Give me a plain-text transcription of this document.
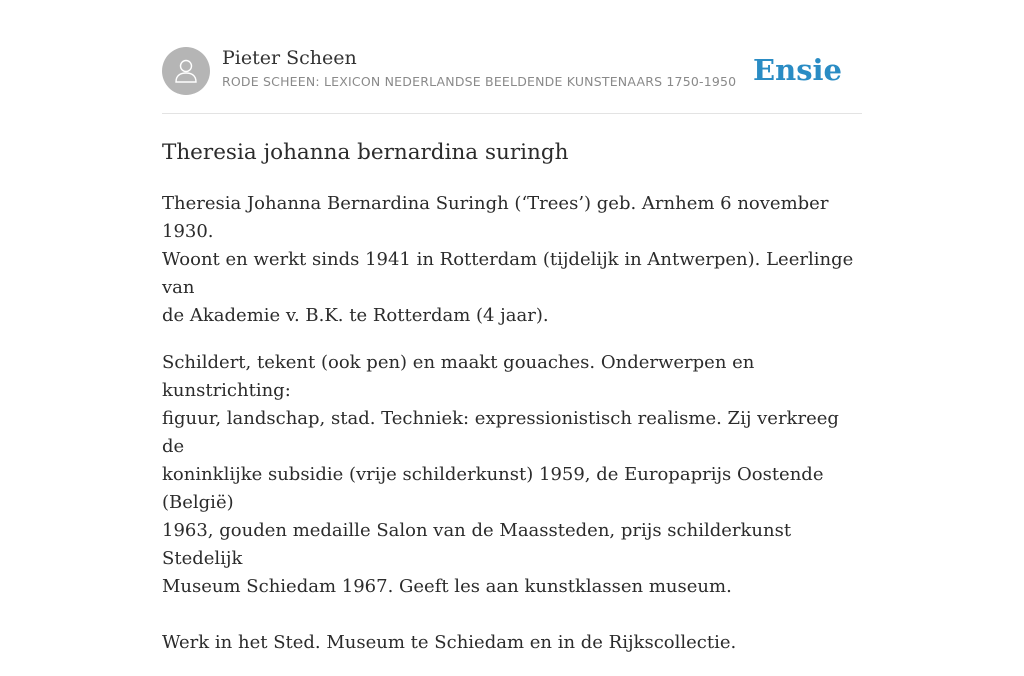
Pieter Scheen
RODE SCHEEN: LEXICON NEDERLANDSE BEELDENDE KUNSTENAARS 1750-1950 Ensie
Theresia johanna bernardina suringh

Theresia Johanna Bernardina Suringh (‘Trees’) geb. Arnhem 6 november 1930.
Woont en werkt sinds 1941 in Rotterdam (tijdelijk in Antwerpen). Leerlinge van
de Akademie v. B.K. te Rotterdam (4 jaar).

Schildert, tekent (ook pen) en maakt gouaches. Onderwerpen en kunstrichting:
figuur, landschap, stad. Techniek: expressionistisch realisme. Zij verkreeg de
koninklijke subsidie (vrije schilderkunst) 1959, de Europaprijs Oostende (België)
1963, gouden medaille Salon van de Maassteden, prijs schilderkunst Stedelijk
Museum Schiedam 1967. Geeft les aan kunstklassen museum.

Werk in het Sted. Museum te Schiedam en in de Rijkscollectie.
